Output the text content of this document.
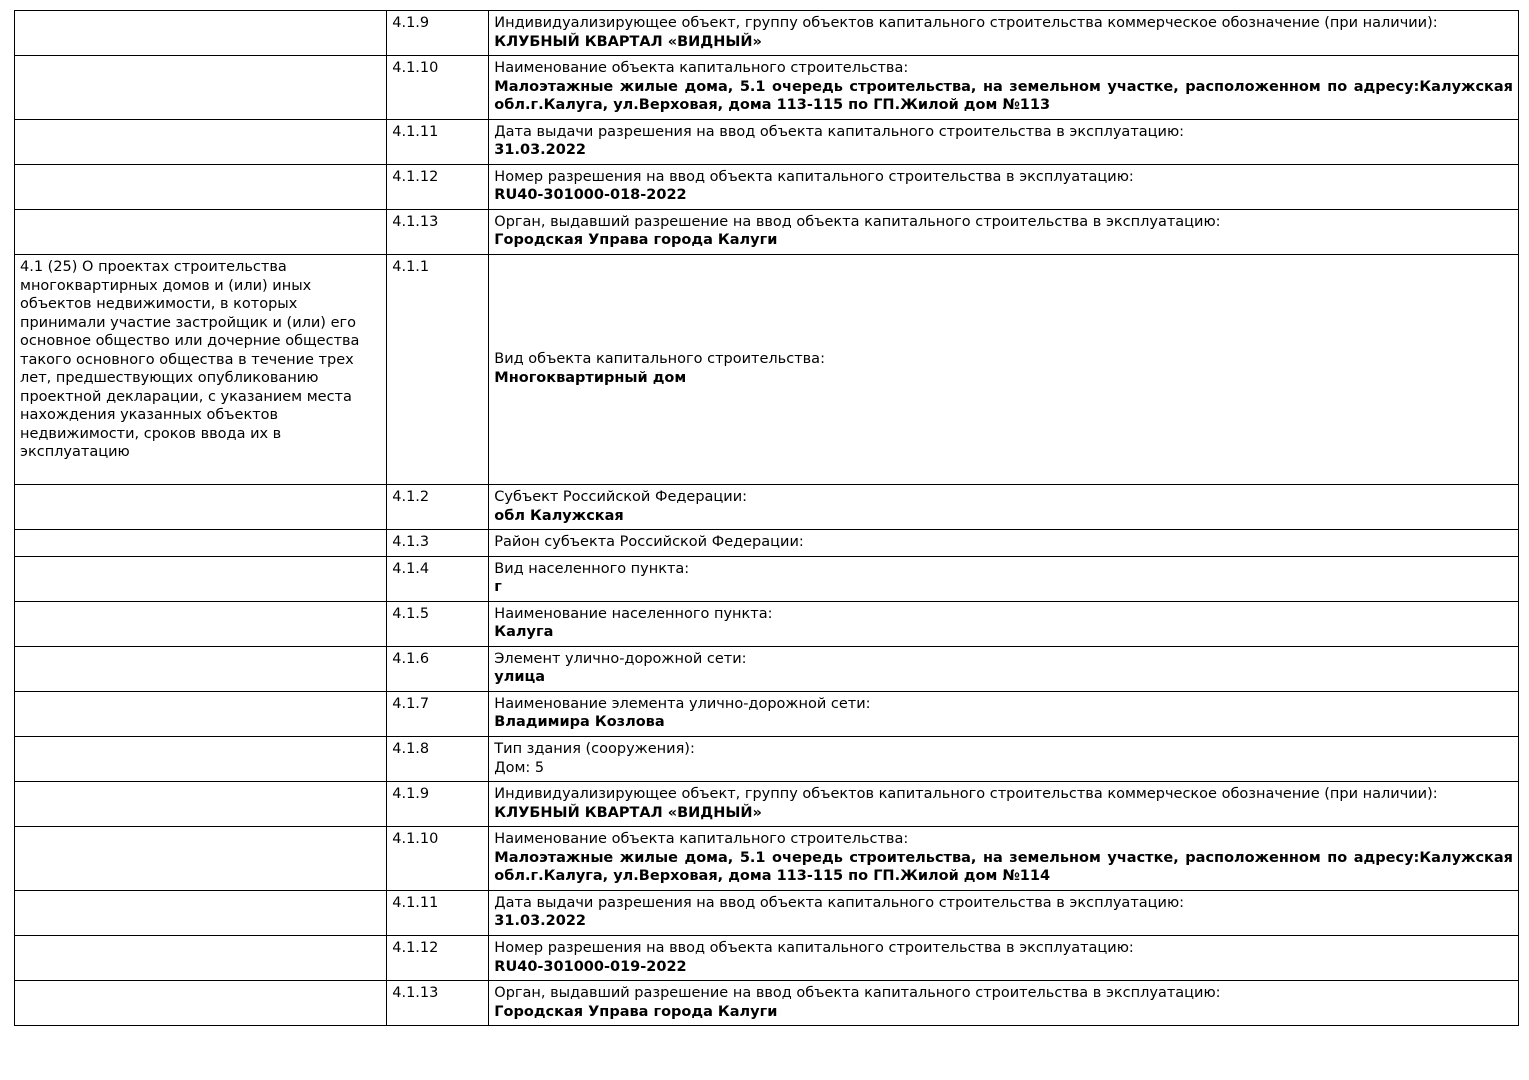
	4.1.9	Индивидуализирующее объект, группу объектов капитального строительства коммерческое обозначение (при наличии):
КЛУБНЫЙ КВАРТАЛ «ВИДНЫЙ»

	4.1.10	Наименование объекта капитального строительства:
Малоэтажные жилые дома, 5.1 очередь строительства, на земельном участке, расположенном по адресу:Калужская обл.г.Калуга, ул.Верховая, дома 113-115 по ГП.Жилой дом №113

	4.1.11	Дата выдачи разрешения на ввод объекта капитального строительства в эксплуатацию:
31.03.2022

	4.1.12	Номер разрешения на ввод объекта капитального строительства в эксплуатацию:
RU40-301000-018-2022

	4.1.13	Орган, выдавший разрешение на ввод объекта капитального строительства в эксплуатацию:
Городская Управа города Калуги

4.1 (25) О проектах строительства многоквартирных домов и (или) иных объектов недвижимости, в которых принимали участие застройщик и (или) его основное общество или дочерние общества такого основного общества в течение трех лет, предшествующих опубликованию проектной декларации, с указанием места нахождения указанных объектов недвижимости, сроков ввода их в эксплуатацию	4.1.1	Вид объекта капитального строительства:
Многоквартирный дом

	4.1.2	Субъект Российской Федерации:
обл Калужская

	4.1.3	Район субъекта Российской Федерации:

	4.1.4	Вид населенного пункта:
г

	4.1.5	Наименование населенного пункта:
Калуга

	4.1.6	Элемент улично-дорожной сети:
улица

	4.1.7	Наименование элемента улично-дорожной сети:
Владимира Козлова

	4.1.8	Тип здания (сооружения):
Дом: 5

	4.1.9	Индивидуализирующее объект, группу объектов капитального строительства коммерческое обозначение (при наличии):
КЛУБНЫЙ КВАРТАЛ «ВИДНЫЙ»

	4.1.10	Наименование объекта капитального строительства:
Малоэтажные жилые дома, 5.1 очередь строительства, на земельном участке, расположенном по адресу:Калужская обл.г.Калуга, ул.Верховая, дома 113-115 по ГП.Жилой дом №114

	4.1.11	Дата выдачи разрешения на ввод объекта капитального строительства в эксплуатацию:
31.03.2022

	4.1.12	Номер разрешения на ввод объекта капитального строительства в эксплуатацию:
RU40-301000-019-2022

	4.1.13	Орган, выдавший разрешение на ввод объекта капитального строительства в эксплуатацию:
Городская Управа города Калуги
